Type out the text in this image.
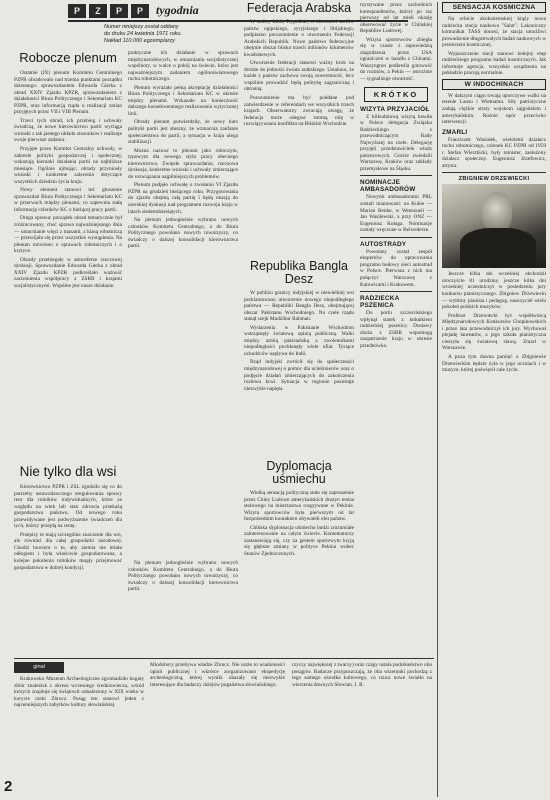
P	Z	P	P	tygodnia
Numer niniejszy został oddany
do druku 24 kwietnia 1971 roku.
Nakład 110.000 egzemplarzy
Robocze plenum

Ostatnie (IX) plenum Komitetu Centralnego PZPR obradowało nad trzema punktami porządku dziennego: sprawozdaniem Edwarda Gierka z obrad XXIV Zjazdu KPZR, sprawozdaniem z działalności Biura Politycznego i Sekretariatu KC PZPR, oraz informacją rządu o realizacji zmian przyjętych przez VII i VIII Plenum.

Trzeci tych obrad, ich przebieg i uchwały świadczą, że nowe kierownictwo partii wyciąga wnioski z tak jasnego układu stosunków i realizuje swoje pierwsze zadania.

Przyjęte przez Komitet Centralny uchwały, w zakresie polityki gospodarczej i społecznej, wskazują kierunki działania partii na najbliższe miesiące. Ogólnie ujmując, obrady przyniosły wnioski i konkretne zalecenia dotyczące wszystkich dziedzin życia kraju.

Nowy element stanowi też głoszenie sprawozdań Biura Politycznego i Sekretariatu KC w przerwach między plenami, co zapewnia stałą informację członków KC o bieżącej pracy partii.

Druga sprawa: porządek obrad tematycznie był zróżnicowany, choć sprawa najważniejszego dnia — umacnianie więzi z masami, z klasą robotniczą — przewijała się przez wszystkie wystąpienia. Na plenum mówiono o sprawach robotniczych i o krytyce.

Obrady przebiegały w atmosferze rzeczowej dyskusji. Sprawozdanie Edwarda Gierka z obrad XXIV Zjazdu KPZR podkreślało ważność zacieśnienia współpracy z ZSRR i krajami socjalistycznymi. Wspólne jest nasze działanie.

Nie tylko dla wsi

Kierownictwo PZPR i ZSL zgodziło się co do potrzeby ustawodawczego uregulowania sprawy rent dla rolników indywidualnych, które ze względu na wiek lub stan zdrowia przekażą gospodarstwa państwu. Od nowego roku przewidywane jest podwyższenie świadczeń dla tych, którzy przejdą na rentę.

Przepisy te mają szczególne znaczenie dla wsi, ale również dla całej gospodarki narodowej. Chodzi bowiem o to, aby ziemia nie leżała odłogiem i była właściwie gospodarowana, a kolejne pokolenia rolników mogły przejmować gospodarstwa w dobrej kondycji.

praktyczne ich działanie w sprawach międzynarodowych, w umacnianiu socjalistycznej wspólnoty, w walce o pokój na świecie, która jest najważniejszym zadaniem ogólnoświatowego ruchu robotniczego.

Plenum wyrażało pełną akceptację działalności Biura Politycznego i Sekretariatu KC w okresie między plenami. Wskazało na konieczność dalszego konsekwentnego realizowania wytyczonej linii.

Obrady plenum potwierdziły, że nowy kurs polityki partii jest słuszny, że wzmacnia zaufanie społeczeństwa do partii, a sytuacja w kraju ulega stabilizacji.

Można nazwać to plenum jako roboczym, typowym dla nowego stylu pracy obecnego kierownictwa. Zwięzłe sprawozdania, rzeczowa dyskusja, konkretne wnioski i uchwały zmierzające do rozwiązania najpilniejszych problemów.

Plenum podjęło uchwałę o zwołaniu VI Zjazdu PZPR na grudzień bieżącego roku. Przygotowania do zjazdu obejmą całą partię i będą okazją do szerokiej dyskusji nad programem rozwoju kraju w latach siedemdziesiątych.

Na plenum jednogłośnie wybrano nowych członków Komitetu Centralnego, a do Biura Politycznego powołano nowych towarzyszy, co świadczy o dalszej konsolidacji kierownictwa partii.

Federacja Arabska

W stolicy Libii, Trypolisie, w obecności szefów państw egipskiego, syryjskiego i libijskiego, podpisano porozumienie o utworzeniu Federacji Arabskich Republik. Nowe państwo federacyjne obejmie obszar blisko trzech milionów kilometrów kwadratowych.

Utworzenie federacji stanowi ważny krok na drodze do jedności świata arabskiego. Ustalono, że każde z państw zachowa swoją suwerenność, lecz wspólnie prowadzić będą politykę zagraniczną i obronną.

Porozumienie ma być poddane pod zatwierdzenie w referendach we wszystkich trzech krajach. Obserwatorzy zwracają uwagę, że federacja może odegrać istotną rolę w rozwiązywaniu konfliktu na Bliskim Wschodzie.

Republika Bangla Desz

W pobliżu granicy indyjskiej w niewielkiej wsi proklamowano utworzenie nowego niepodległego państwa — Republiki Bangla Desz, obejmującej obszar Pakistanu Wschodniego. Na czele rządu stanął szejk Mudżibur Rahman.

Wydarzenia w Pakistanie Wschodnim wstrząsnęły światową opinią publiczną. Walki między armią pakistańską a zwolennikami niepodległości pochłonęły wiele ofiar. Tysiące uchodźców napływa do Indii.

Rząd indyjski zwrócił się do społeczności międzynarodowej o pomoc dla uciekinierów oraz o podjęcie działań zmierzających do zakończenia rozlewu krwi. Sytuacja w regionie pozostaje niezwykle napięta.

Dyplomacja uśmiechu

Wielką sensacją polityczną stało się zaproszenie przez Chiny Ludowe amerykańskich drużyn tenisa stołowego na mistrzostwa rozgrywane w Pekinie. Wizyta sportowców była pierwszym od lat bezpośrednim kontaktem obywateli obu państw.

Chińska dyplomacja uśmiechu budzi zrozumiałe zainteresowanie na całym świecie. Komentatorzy zastanawiają się, czy za gestem sportowym kryją się głębsze zmiany w polityce Pekinu wobec Stanów Zjednoczonych.

Na plenum jednogłośnie wybrano nowych członków Komitetu Centralnego, a do Biura Politycznego powołano nowych towarzyszy, co świadczy o dalszej konsolidacji kierownictwa partii.

rzystywane przez zachodnich korespondentów, którzy po raz pierwszy od lat mieli okazję obserwować życie w Chińskiej Republice Ludowej.

Wizyta sportowców zbiegła się w czasie z zapowiedzią złagodzenia przez USA ograniczeń w handlu z Chinami. Waszyngton podkreśla gotowość do rozmów, a Pekin — ostrożnie — sygnalizuje otwartość.

KRÓTKO
WIZYTA PRZYJACIÓŁ

Z kilkudniową wizytą bawiła w Polsce delegacja Związku Radzieckiego z przewodniczącym Rady Najwyższej na czele. Delegację przyjęli przedstawiciele władz państwowych. Goście zwiedzili Warszawę, Kraków oraz zakłady przemysłowe na Śląsku.

NOMINACJE AMBASADORÓW

Nowymi ambasadorami PRL zostali mianowani: na Kubie — Marian Renke, w Wenezueli — Jan Wasilewski, a przy ONZ — Eugeniusz Kułaga. Nominacje zostały wręczone w Belwederze.

AUTOSTRADY

Powołany został zespół ekspertów do opracowania programu budowy sieci autostrad w Polsce. Pierwsza z nich ma połączyć Warszawę z Katowicami i Krakowem.

RADZIECKA PSZENICA

Do portu szczecińskiego wpłynął statek z ładunkiem radzieckiej pszenicy. Dostawy zboża z ZSRR wspomogą zaopatrzenie kraju w okresie przednówka.

SENSACJA KOSMICZNA

Na orbicie okołoziemskiej krąży nowa radziecka stacja naukowa "Salut". Lakoniczny komunikat TASS donosi, że stacja umożliwi prowadzenie długotrwałych badań naukowych w przestrzeni kosmicznej.

Wypuszczenie stacji stanowi kolejny etap radzieckiego programu badań kosmicznych. Jak informuje agencja, wszystkie urządzenia na pokładzie pracują normalnie.

W INDOCHINACH

W dalszym ciągu trwają uporczywe walki na terenie Laosu i Wietnamu. Siły patriotyczne zadają ciężkie straty wojskom sajgońskim i amerykańskim. Rośnie opór przeciwko interwencji.

ZMARLI

Franciszek Wasiołek, wieloletni działacz ruchu robotniczego, członek KC PZPR od 1959 r. Stefan Wierzbicki, były minister, zasłużony działacz społeczny. Eugeniusz Józefowicz, artysta.

ZBIGNIEW DRZEWIECKI

Jeszcze kilka dni wcześniej obchodził uroczyście 81 urodziny, jeszcze kilka dni wcześniej uczestniczył w posiedzeniu jury konkursu pianistycznego. Zbigniew Drzewiecki — wybitny pianista i pedagog, nauczyciel wielu pokoleń polskich muzyków.

Profesor Drzewiecki był współtwórcą Międzynarodowych Konkursów Chopinowskich i przez lata przewodniczył ich jury. Wychował plejadę laureatów, a jego szkoła pianistyczna cieszyła się światową sławą. Zmarł w Warszawie.

A poza tym dawna pamięć o Zbigniewie Drzewieckim będzie żyła w jego uczniach i w muzyce, której poświęcił całe życie.

ginał

Krakowsko Muzeum Archeologiczne zgromadziło bogaty zbiór znalezisk z okresu wczesnego średniowiecza, wśród których znajduje się świątowit odnaleziony w XIX wieku w korycie rzeki Zbrucz. Posąg ten stanowi jeden z najcenniejszych zabytków kultury słowiańskiej.

Miodobory przebywa władze Zbrucz. Nie uszło to wiadomości opinii publicznej i wkrótce zorganizowano ekspedycję archeologiczną, której wyniki okazały się niezwykle interesujące dla badaczy dziejów pogaństwa słowiańskiego.

rzyczy największej z twarzy) oraz czapy ustala podobieństwo obu posągów. Badacze przypuszczają, że oba wizerunki pochodzą z tego samego ośrodka kultowego, co rzuca nowe światło na wierzenia dawnych Słowian. J. R.

2
